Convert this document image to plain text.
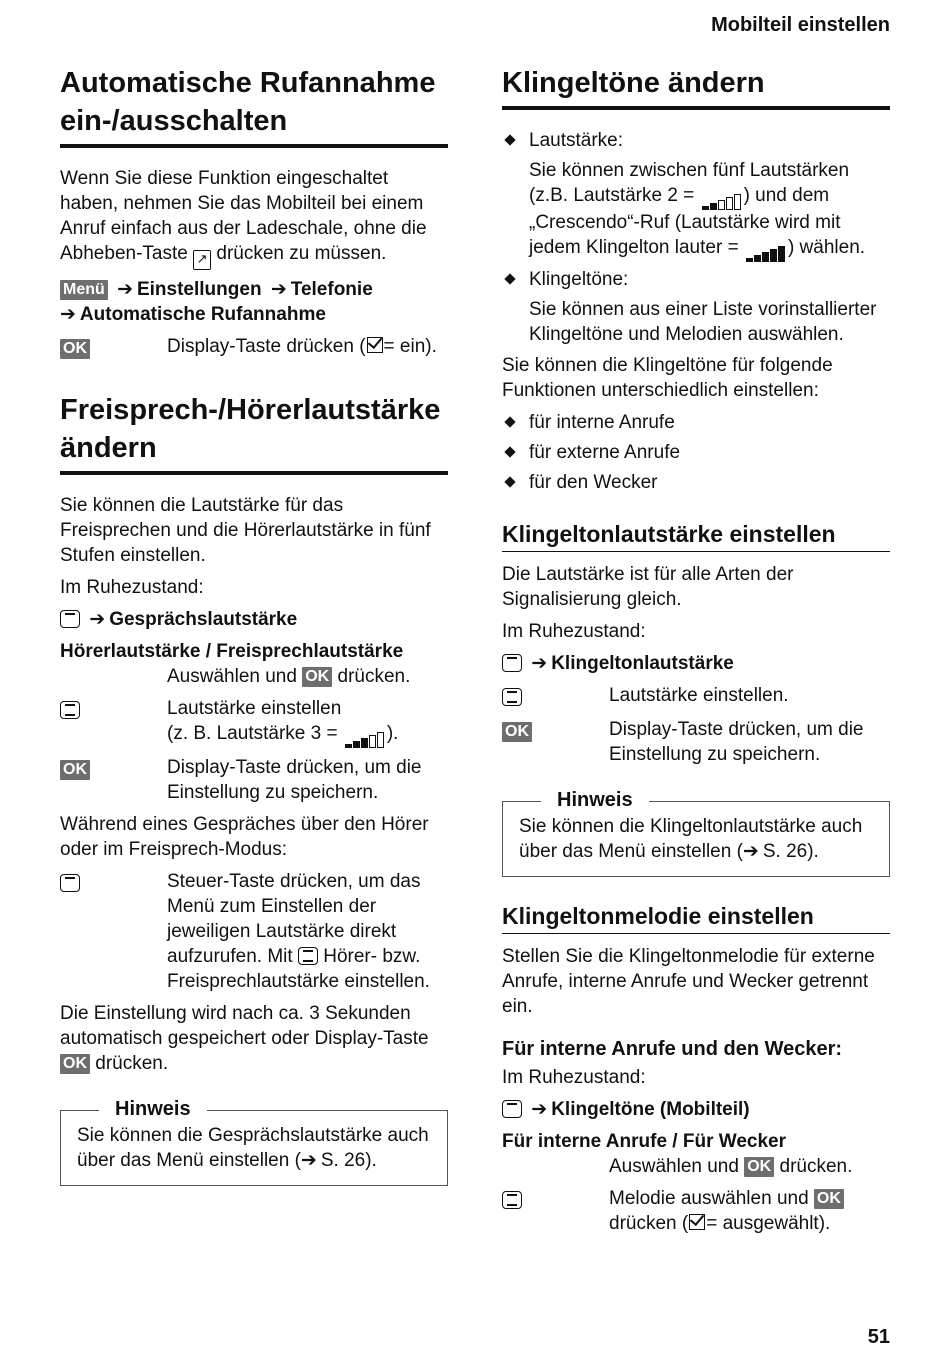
Mobilteil einstellen
Automatische Rufannahme ein-/ausschalten

Wenn Sie diese Funktion eingeschaltet haben, nehmen Sie das Mobilteil bei einem Anruf einfach aus der Ladeschale, ohne die Abheben-Taste ↗ drücken zu müssen.

Menü ➔ Einstellungen ➔ Telefonie
➔ Automatische Rufannahme
OK	Display-Taste drücken ( = ein).
Freisprech-/Hörerlautstärke ändern

Sie können die Lautstärke für das Freisprechen und die Hörerlautstärke in fünf Stufen einstellen.

Im Ruhezustand:

➔ Gesprächslautstärke
Hörerlautstärke / Freisprechlautstärke
Auswählen und OK drücken.
Lautstärke einstellen
(z. B. Lautstärke 3 =	).
OK	Display-Taste drücken, um die Einstellung zu speichern.

Während eines Gespräches über den Hörer oder im Freisprech-Modus:

Steuer-Taste drücken, um das Menü zum Einstellen der jeweiligen Lautstärke direkt aufzurufen. Mit Hörer- bzw. Freisprechlautstärke einstellen.

Die Einstellung wird nach ca. 3 Sekunden automatisch gespeichert oder Display-Taste OK drücken.

Hinweis

Sie können die Gesprächslautstärke auch über das Menü einstellen (➔ S. 26).

Klingeltöne ändern
Lautstärke:

Sie können zwischen fünf Lautstärken (z.B. Lautstärke 2 =	) und dem „Crescendo“-Ruf (Lautstärke wird mit jedem Klingelton lauter =	) wählen.
Klingeltöne:

Sie können aus einer Liste vorinstallierter Klingeltöne und Melodien auswählen.

Sie können die Klingeltöne für folgende Funktionen unterschiedlich einstellen:

für interne Anrufe
für externe Anrufe
für den Wecker
Klingeltonlautstärke einstellen

Die Lautstärke ist für alle Arten der Signalisierung gleich.

Im Ruhezustand:

➔ Klingeltonlautstärke
Lautstärke einstellen.
OK	Display-Taste drücken, um die Einstellung zu speichern.
Hinweis

Sie können die Klingeltonlautstärke auch über das Menü einstellen (➔ S. 26).

Klingeltonmelodie einstellen

Stellen Sie die Klingeltonmelodie für externe Anrufe, interne Anrufe und Wecker getrennt ein.

Für interne Anrufe und den Wecker:

Im Ruhezustand:

➔ Klingeltöne (Mobilteil)
Für interne Anrufe / Für Wecker
Auswählen und OK drücken.
Melodie auswählen und OK
drücken ( = ausgewählt).
51
